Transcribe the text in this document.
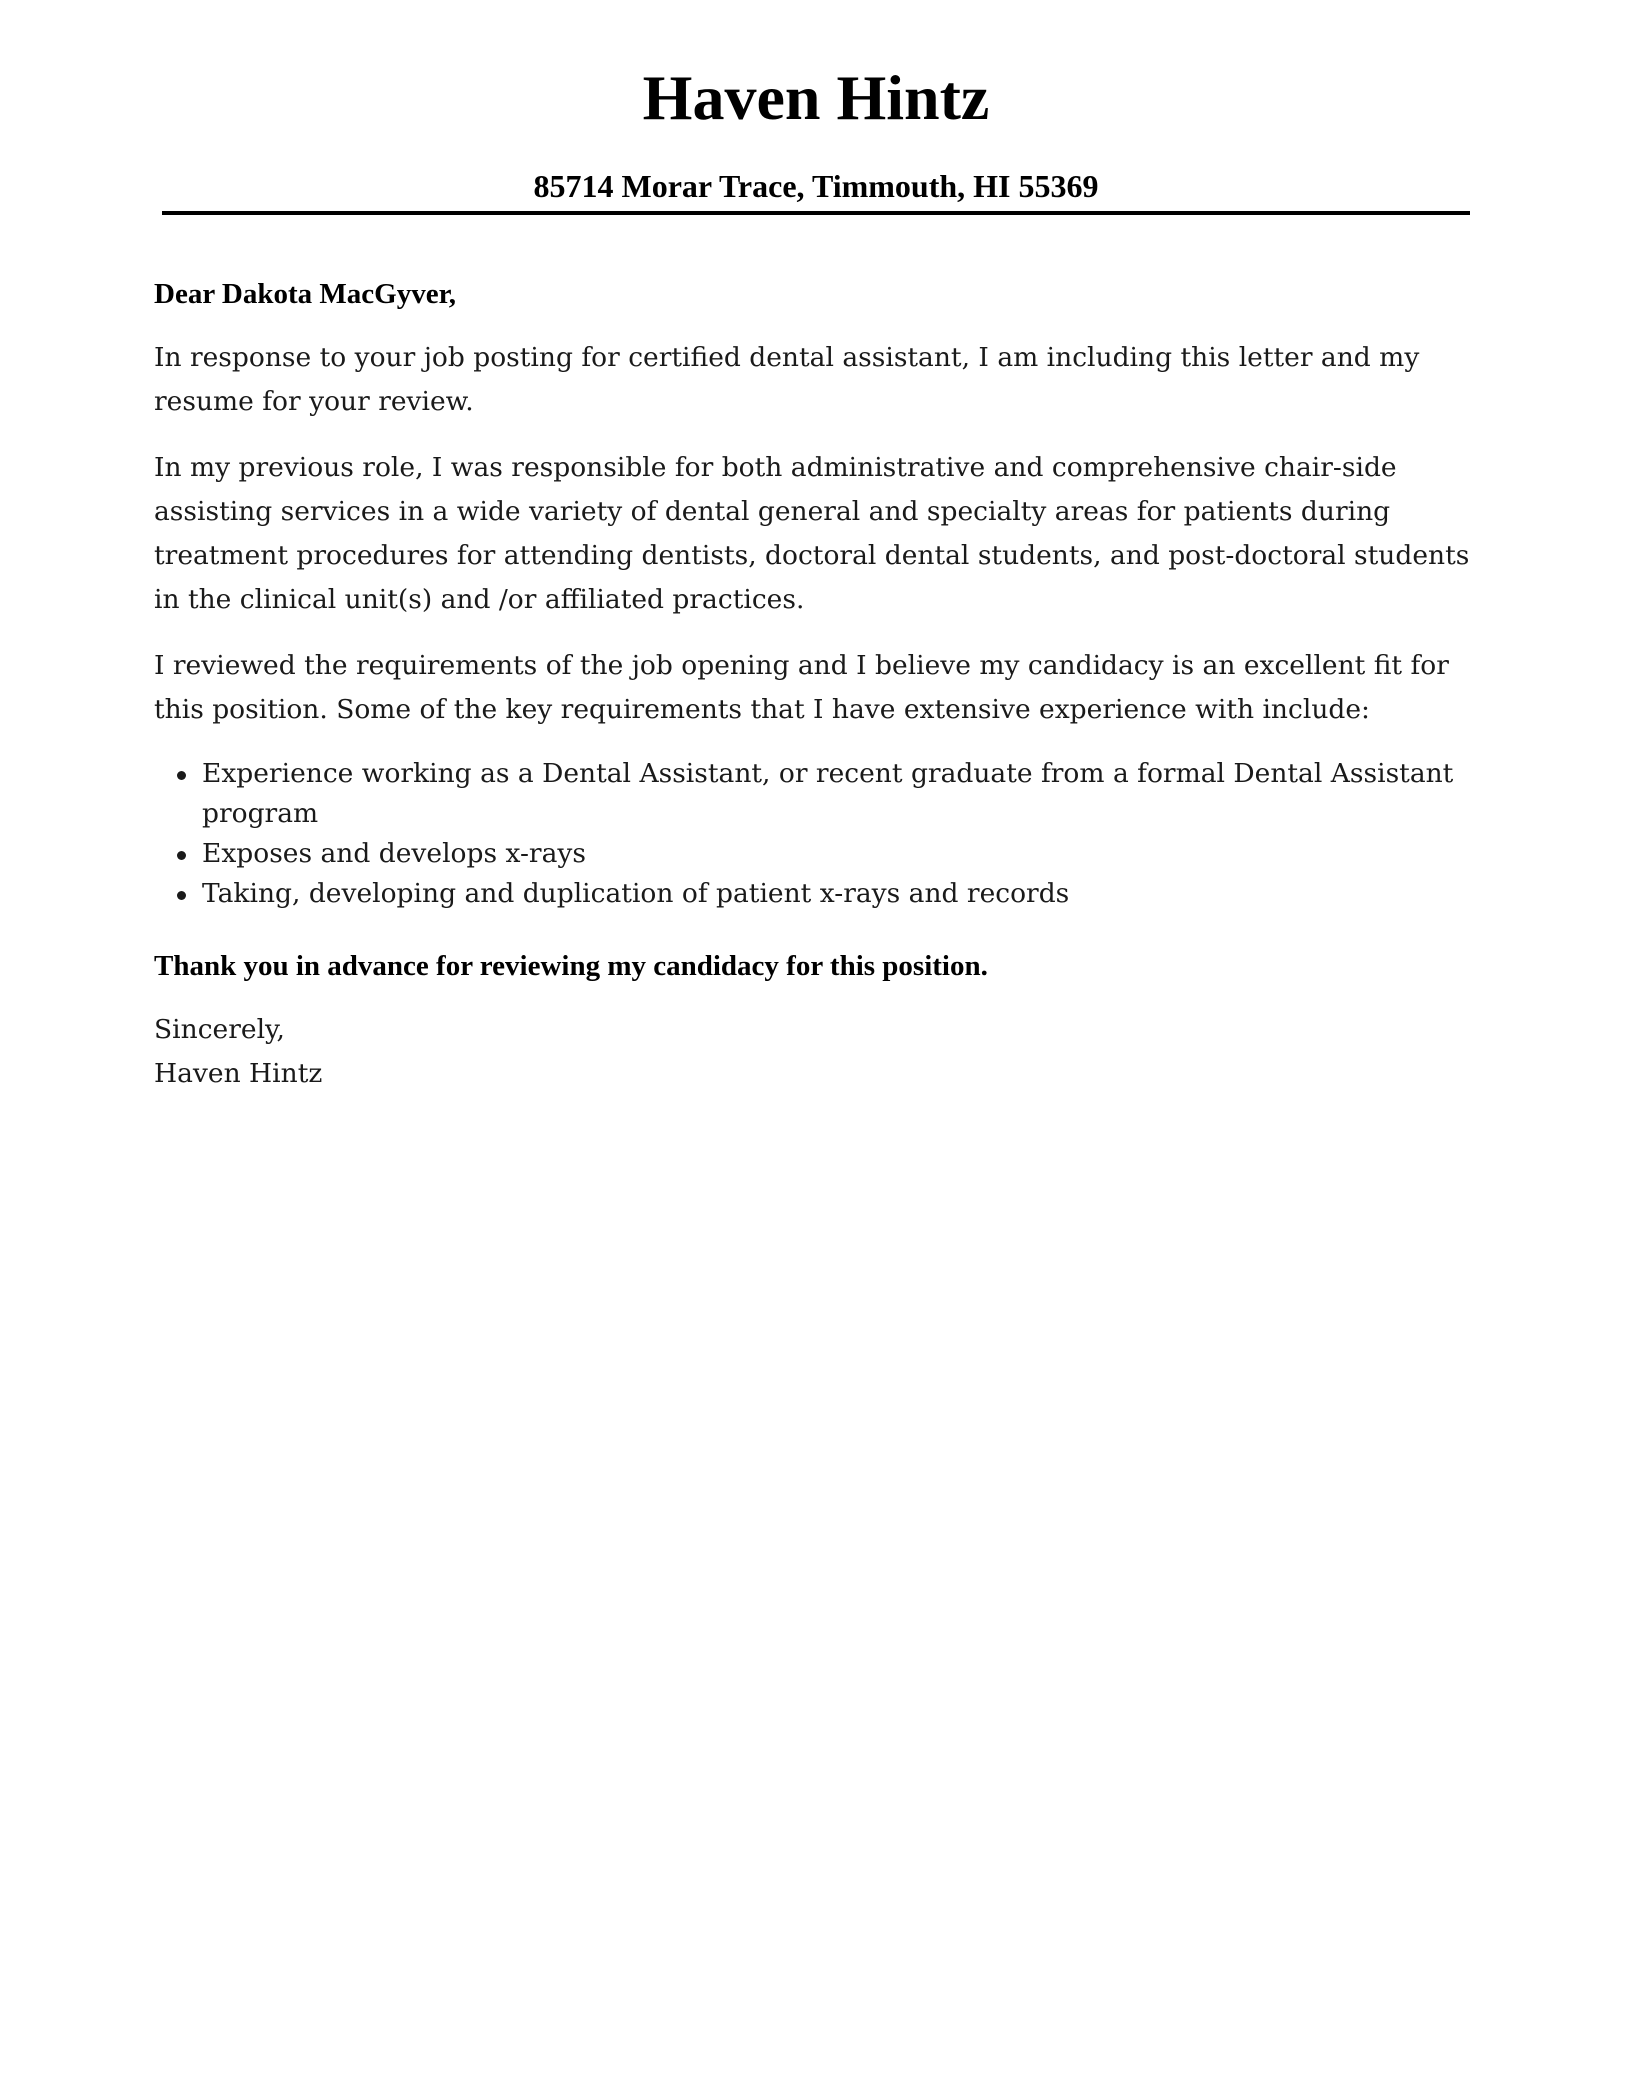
Haven Hintz

85714 Morar Trace, Timmouth, HI 55369

Dear Dakota MacGyver,

In response to your job posting for certified dental assistant, I am including this letter and my resume for your review.

In my previous role, I was responsible for both administrative and comprehensive chair-side assisting services in a wide variety of dental general and specialty areas for patients during treatment procedures for attending dentists, doctoral dental students, and post-doctoral students in the clinical unit(s) and /or affiliated practices.

I reviewed the requirements of the job opening and I believe my candidacy is an excellent fit for this position. Some of the key requirements that I have extensive experience with include:

Experience working as a Dental Assistant, or recent graduate from a formal Dental Assistant program
Exposes and develops x-rays
Taking, developing and duplication of patient x-rays and records

Thank you in advance for reviewing my candidacy for this position.

Sincerely,
Haven Hintz
